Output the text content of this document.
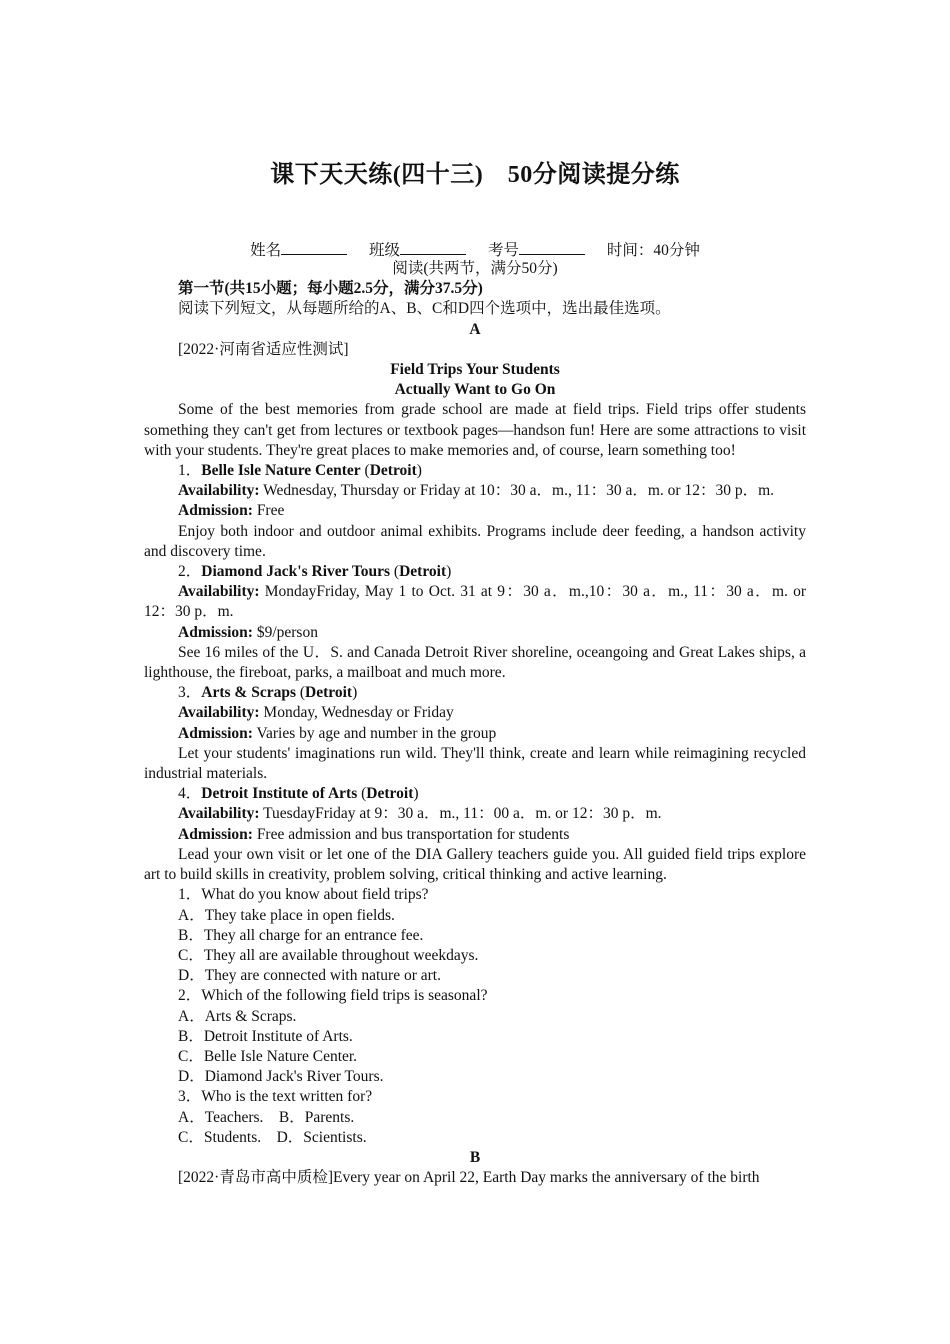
课下天天练(四十三)　50分阅读提分练
姓名	班级	考号	时间：40分钟

阅读(共两节，满分50分)

第一节(共15小题；每小题2.5分，满分37.5分)

阅读下列短文，从每题所给的A、B、C和D四个选项中，选出最佳选项。

A

[2022·河南省适应性测试]

Field Trips Your Students

Actually Want to Go On

Some of the best memories from grade school are made at field trips. Field trips offer students something they can't get from lectures or textbook pages—handson fun! Here are some attractions to visit with your students. They're great places to make memories and, of course, learn something too!

1．Belle Isle Nature Center (Detroit)

Availability: Wednesday, Thursday or Friday at 10：30 a．m., 11：30 a．m. or 12：30 p．m.

Admission: Free

Enjoy both indoor and outdoor animal exhibits. Programs include deer feeding, a handson activity and discovery time.

2．Diamond Jack's River Tours (Detroit)

Availability: MondayFriday, May 1 to Oct. 31 at 9：30 a．m.,10：30 a．m., 11：30 a．m. or 12：30 p．m.

Admission: $9/person

See 16 miles of the U．S. and Canada Detroit River shoreline, oceangoing and Great Lakes ships, a lighthouse, the fireboat, parks, a mailboat and much more.

3．Arts & Scraps (Detroit)

Availability: Monday, Wednesday or Friday

Admission: Varies by age and number in the group

Let your students' imaginations run wild. They'll think, create and learn while reimagining recycled industrial materials.

4．Detroit Institute of Arts (Detroit)

Availability: TuesdayFriday at 9：30 a．m., 11：00 a．m. or 12：30 p．m.

Admission: Free admission and bus transportation for students

Lead your own visit or let one of the DIA Gallery teachers guide you. All guided field trips explore art to build skills in creativity, problem solving, critical thinking and active learning.

1．What do you know about field trips?

A．They take place in open fields.

B．They all charge for an entrance fee.

C．They all are available throughout weekdays.

D．They are connected with nature or art.

2．Which of the following field trips is seasonal?

A．Arts & Scraps.

B．Detroit Institute of Arts.

C．Belle Isle Nature Center.

D．Diamond Jack's River Tours.

3．Who is the text written for?

A．Teachers.　B．Parents.

C．Students.　D．Scientists.

B

[2022·青岛市高中质检]Every year on April 22, Earth Day marks the anniversary of the birth
